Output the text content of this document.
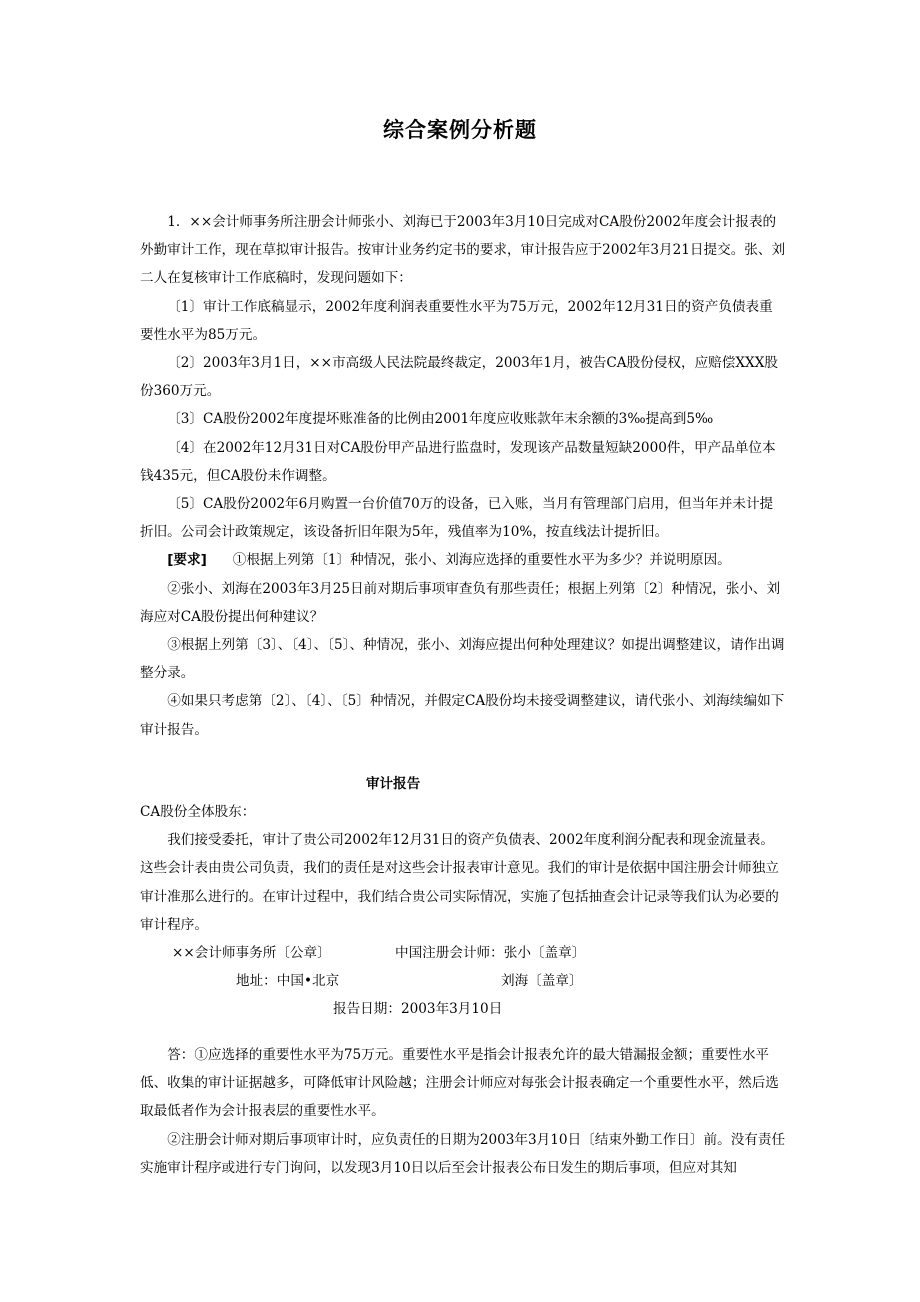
综合案例分析题

1．××会计师事务所注册会计师张小、刘海已于2003年3月10日完成对CA股份2002年度会计报表的外勤审计工作，现在草拟审计报告。按审计业务约定书的要求，审计报告应于2002年3月21日提交。张、刘二人在复核审计工作底稿时，发现问题如下：

〔1〕审计工作底稿显示，2002年度利润表重要性水平为75万元，2002年12月31日的资产负债表重要性水平为85万元。

〔2〕2003年3月1日，××市高级人民法院最终裁定，2003年1月，被告CA股份侵权，应赔偿XXX股份360万元。

〔3〕CA股份2002年度提坏账准备的比例由2001年度应收账款年末余额的3‰提高到5‰

〔4〕在2002年12月31日对CA股份甲产品进行监盘时，发现该产品数量短缺2000件，甲产品单位本钱435元，但CA股份未作调整。

〔5〕CA股份2002年6月购置一台价值70万的设备，已入账，当月有管理部门启用，但当年并未计提折旧。公司会计政策规定，该设备折旧年限为5年，残值率为10%，按直线法计提折旧。

[要求] ①根据上列第〔1〕种情况，张小、刘海应选择的重要性水平为多少？并说明原因。

②张小、刘海在2003年3月25日前对期后事项审查负有那些责任；根据上列第〔2〕种情况，张小、刘海应对CA股份提出何种建议？

③根据上列第〔3〕、〔4〕、〔5〕、种情况，张小、刘海应提出何种处理建议？如提出调整建议，请作出调整分录。

④如果只考虑第〔2〕、〔4〕、〔5〕种情况，并假定CA股份均未接受调整建议，请代张小、刘海续编如下审计报告。

审计报告

CA股份全体股东：

我们接受委托，审计了贵公司2002年12月31日的资产负债表、2002年度利润分配表和现金流量表。这些会计表由贵公司负责，我们的责任是对这些会计报表审计意见。我们的审计是依据中国注册会计师独立审计准那么进行的。在审计过程中，我们结合贵公司实际情况，实施了包括抽查会计记录等我们认为必要的审计程序。

××会计师事务所〔公章〕	中国注册会计师：张小〔盖章〕
地址：中国•北京	刘海〔盖章〕
报告日期：2003年3月10日

答：①应选择的重要性水平为75万元。重要性水平是指会计报表允许的最大错漏报金额；重要性水平低、收集的审计证据越多，可降低审计风险越；注册会计师应对每张会计报表确定一个重要性水平，然后选取最低者作为会计报表层的重要性水平。

②注册会计师对期后事项审计时，应负责任的日期为2003年3月10日〔结束外勤工作日〕前。没有责任实施审计程序或进行专门询问，以发现3月10日以后至会计报表公布日发生的期后事项，但应对其知
